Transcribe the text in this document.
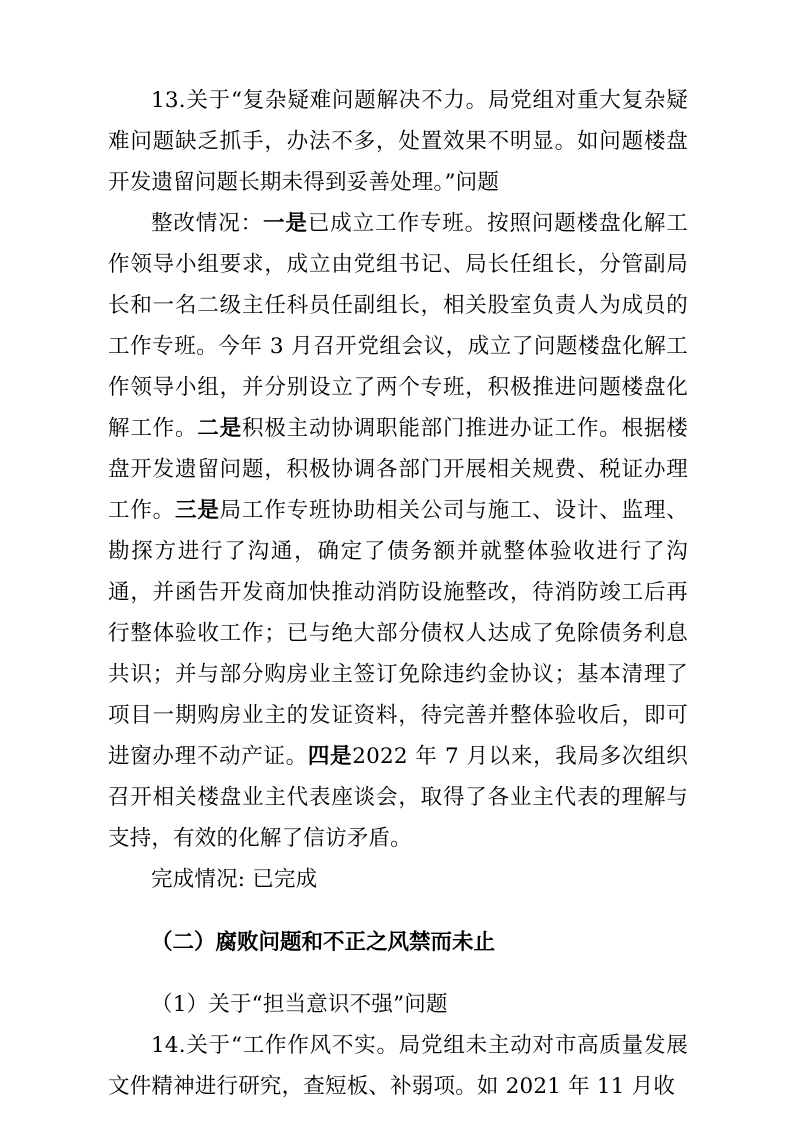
13.关于“复杂疑难问题解决不力。局党组对重大复杂疑难问题缺乏抓手，办法不多，处置效果不明显。如问题楼盘开发遗留问题长期未得到妥善处理。”问题

整改情况：一是已成立工作专班。按照问题楼盘化解工作领导小组要求，成立由党组书记、局长任组长，分管副局长和一名二级主任科员任副组长，相关股室负责人为成员的工作专班。今年 3 月召开党组会议，成立了问题楼盘化解工作领导小组，并分别设立了两个专班，积极推进问题楼盘化解工作。二是积极主动协调职能部门推进办证工作。根据楼盘开发遗留问题，积极协调各部门开展相关规费、税证办理工作。三是局工作专班协助相关公司与施工、设计、监理、勘探方进行了沟通，确定了债务额并就整体验收进行了沟通，并函告开发商加快推动消防设施整改，待消防竣工后再行整体验收工作；已与绝大部分债权人达成了免除债务利息共识；并与部分购房业主签订免除违约金协议；基本清理了项目一期购房业主的发证资料，待完善并整体验收后，即可进窗办理不动产证。四是2022 年 7 月以来，我局多次组织召开相关楼盘业主代表座谈会，取得了各业主代表的理解与支持，有效的化解了信访矛盾。

完成情况: 已完成

（二）腐败问题和不正之风禁而未止

（1）关于“担当意识不强”问题

14.关于“工作作风不实。局党组未主动对市高质量发展文件精神进行研究，查短板、补弱项。如 2021 年 11 月收
